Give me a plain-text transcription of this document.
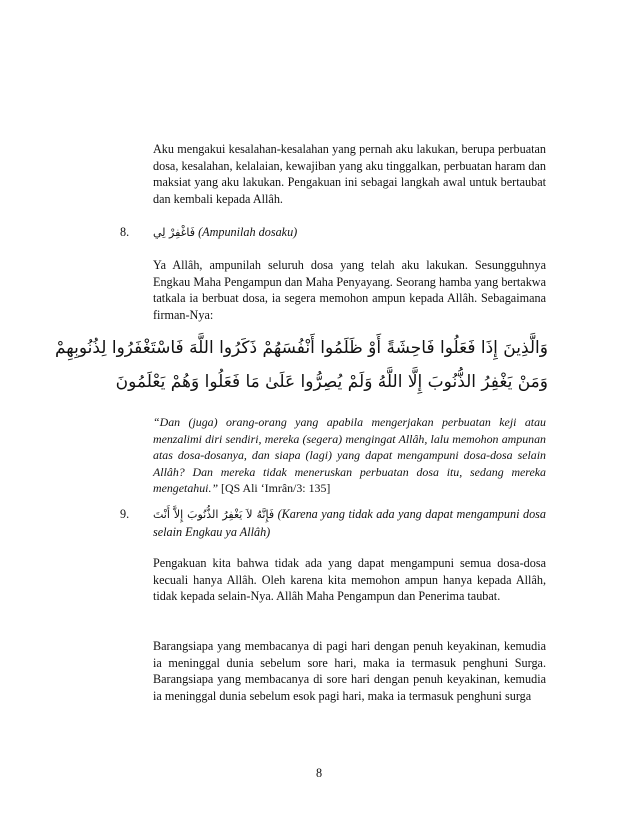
Aku mengakui kesalahan-kesalahan yang pernah aku lakukan, berupa perbuatan dosa, kesalahan, kelalaian, kewajiban yang aku tinggalkan, perbuatan haram dan maksiat yang aku lakukan. Pengakuan ini sebagai langkah awal untuk bertaubat dan kembali kepada Allâh.

8. فَاغْفِرْ لِي (Ampunilah dosaku)

Ya Allâh, ampunilah seluruh dosa yang telah aku lakukan. Sesungguhnya Engkau Maha Pengampun dan Maha Penyayang. Seorang hamba yang bertakwa tatkala ia berbuat dosa, ia segera memohon ampun kepada Allâh. Sebagaimana firman-Nya:

وَالَّذِينَ إِذَا فَعَلُوا فَاحِشَةً أَوْ ظَلَمُوا أَنْفُسَهُمْ ذَكَرُوا اللَّهَ فَاسْتَغْفَرُوا لِذُنُوبِهِمْ
وَمَنْ يَغْفِرُ الذُّنُوبَ إِلَّا اللَّهُ وَلَمْ يُصِرُّوا عَلَىٰ مَا فَعَلُوا وَهُمْ يَعْلَمُونَ

“Dan (juga) orang-orang yang apabila mengerjakan perbuatan keji atau menzalimi diri sendiri, mereka (segera) mengingat Allâh, lalu memohon ampunan atas dosa-dosanya, dan siapa (lagi) yang dapat mengampuni dosa-dosa selain Allâh? Dan mereka tidak meneruskan perbuatan dosa itu, sedang mereka mengetahui.” [QS Ali ‘Imrân/3: 135]

9. فَإِنَّهُ لاَ يَغْفِرُ الذُّنُوبَ إِلاَّ أَنْتَ (Karena yang tidak ada yang dapat mengampuni dosa selain Engkau ya Allâh)

Pengakuan kita bahwa tidak ada yang dapat mengampuni semua dosa-dosa kecuali hanya Allâh. Oleh karena kita memohon ampun hanya kepada Allâh, tidak kepada selain-Nya. Allâh Maha Pengampun dan Penerima taubat.

Barangsiapa yang membacanya di pagi hari dengan penuh keyakinan, kemudia ia meninggal dunia sebelum sore hari, maka ia termasuk penghuni Surga. Barangsiapa yang membacanya di sore hari dengan penuh keyakinan, kemudia ia meninggal dunia sebelum esok pagi hari, maka ia termasuk penghuni surga

8
